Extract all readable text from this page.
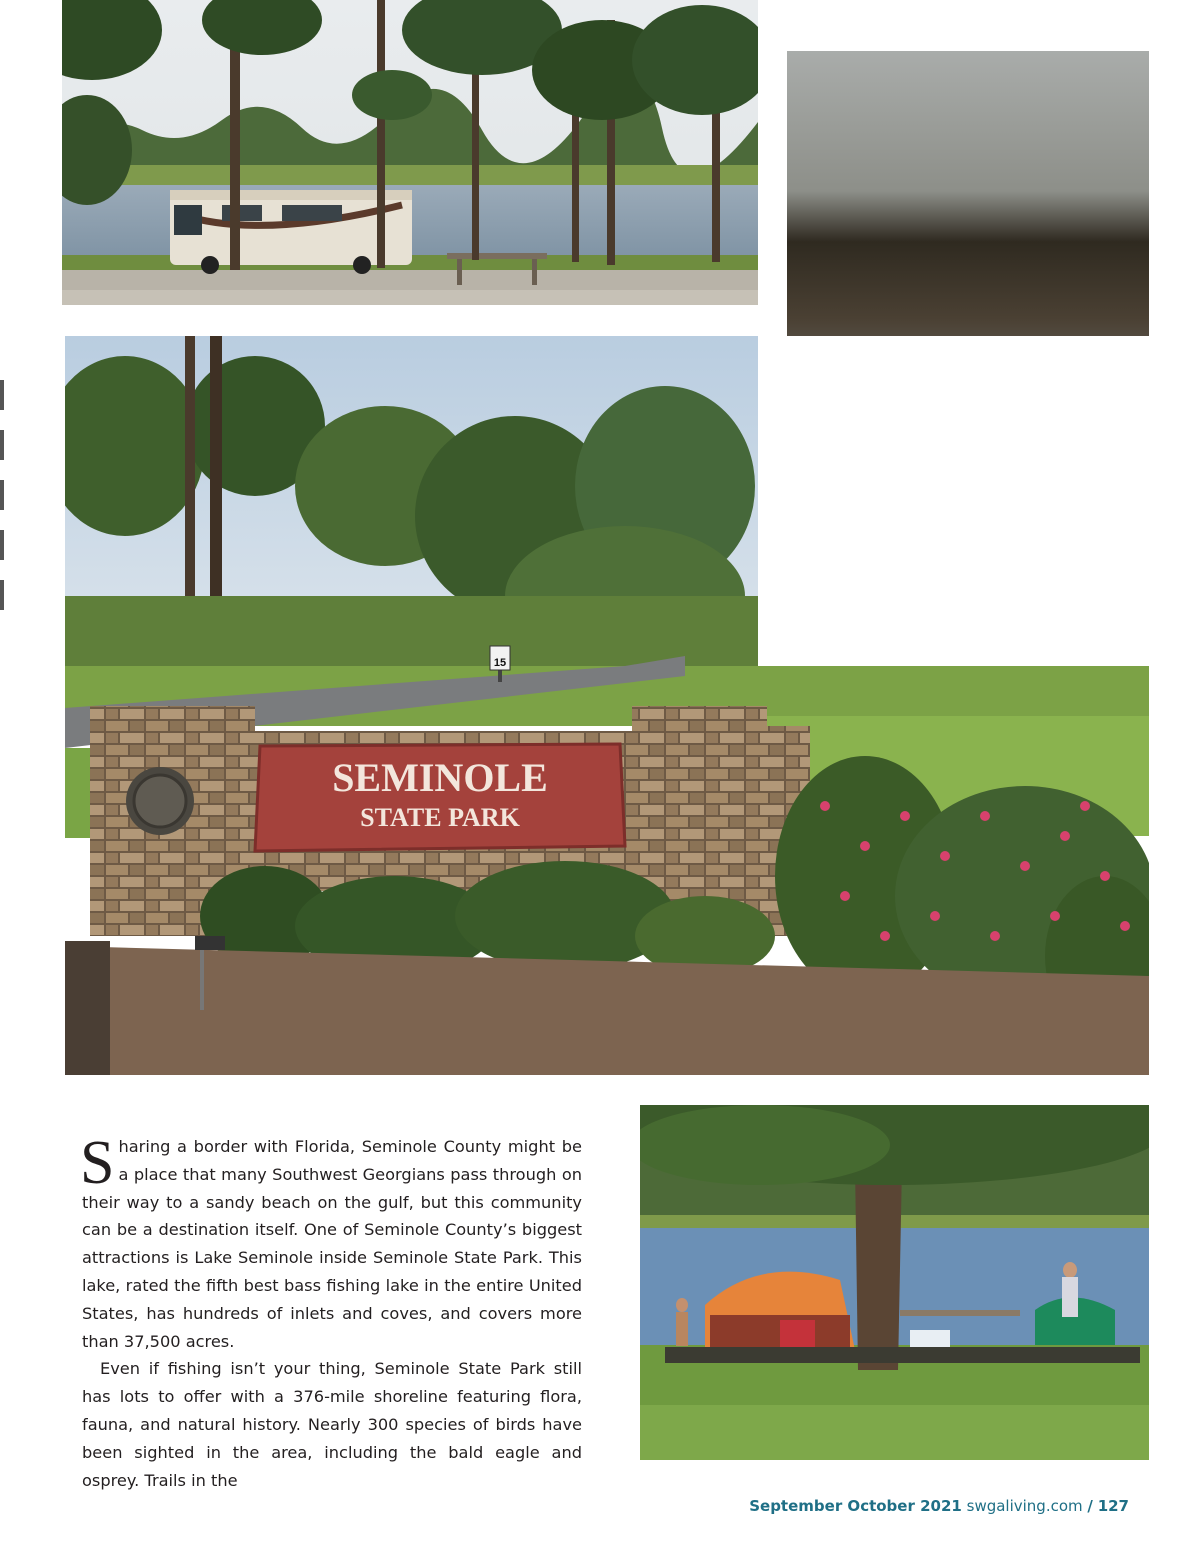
15
SEMINOLE
STATE PARK

Sharing a border with Florida, Seminole County might be a place that many Southwest Georgians pass through on their way to a sandy beach on the gulf, but this community can be a destination itself. One of Seminole County’s biggest attractions is Lake Seminole inside Seminole State Park. This lake, rated the fifth best bass fishing lake in the entire United States, has hundreds of inlets and coves, and covers more than 37,500 acres.

Even if fishing isn’t your thing, Seminole State Park still has lots to offer with a 376-mile shoreline featuring flora, fauna, and natural history. Nearly 300 species of birds have been sighted in the area, including the bald eagle and osprey. Trails in the

September October 2021 swgaliving.com / 127
